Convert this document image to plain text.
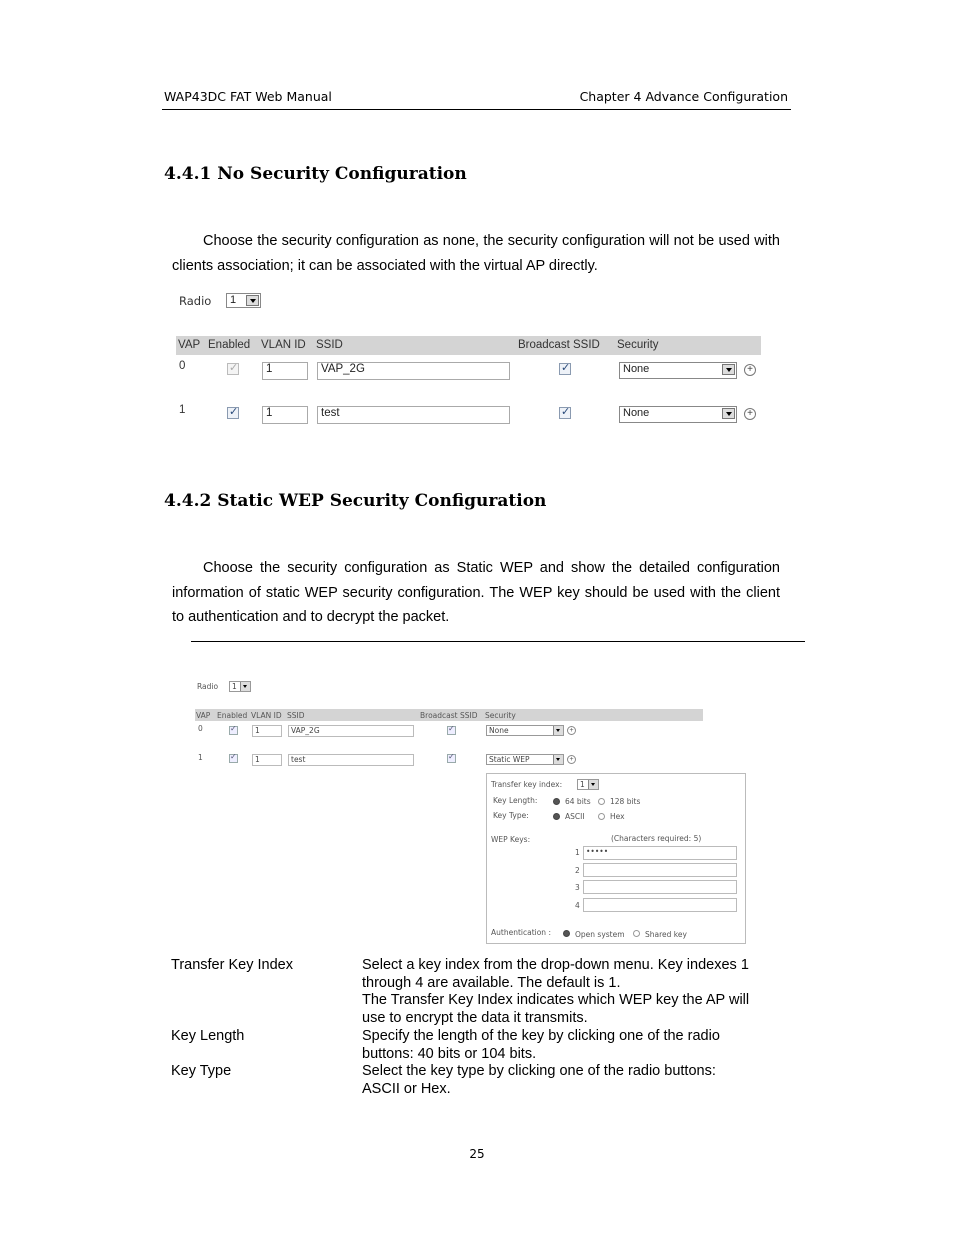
WAP43DC FAT Web Manual	Chapter 4 Advance Configuration
4.4.1 No Security Configuration
Choose the security configuration as none, the security configuration will not be used with clients association; it can be associated with the virtual AP directly.
Radio	1
VAP Enabled VLAN ID SSID	Broadcast SSID Security
0 ✓	1	VAP_2G ✓	None	+
1 ✓	1	test ✓	None	+
4.4.2 Static WEP Security Configuration
Choose the security configuration as Static WEP and show the detailed configuration information of static WEP security configuration. The WEP key should be used with the client to authentication and to decrypt the packet.
Radio	1
VAP Enabled VLAN ID SSID	Broadcast SSID Security
0 ✓	1	VAP_2G ✓	None	+
1 ✓	1	test ✓	Static WEP	+
Transfer key index:	1
Key Length:	64 bits	128 bits
Key Type:	ASCII	Hex
WEP Keys:	(Characters required: 5)
1 •••••
2
3
4
Authentication :	Open system	Shared key
Transfer Key Index	Select a key index from the drop-down menu. Key indexes 1
through 4 are available. The default is 1.
The Transfer Key Index indicates which WEP key the AP will
use to encrypt the data it transmits.
Key Length	Specify the length of the key by clicking one of the radio
buttons: 40 bits or 104 bits.
Key Type	Select the key type by clicking one of the radio buttons:
ASCII or Hex.
25
